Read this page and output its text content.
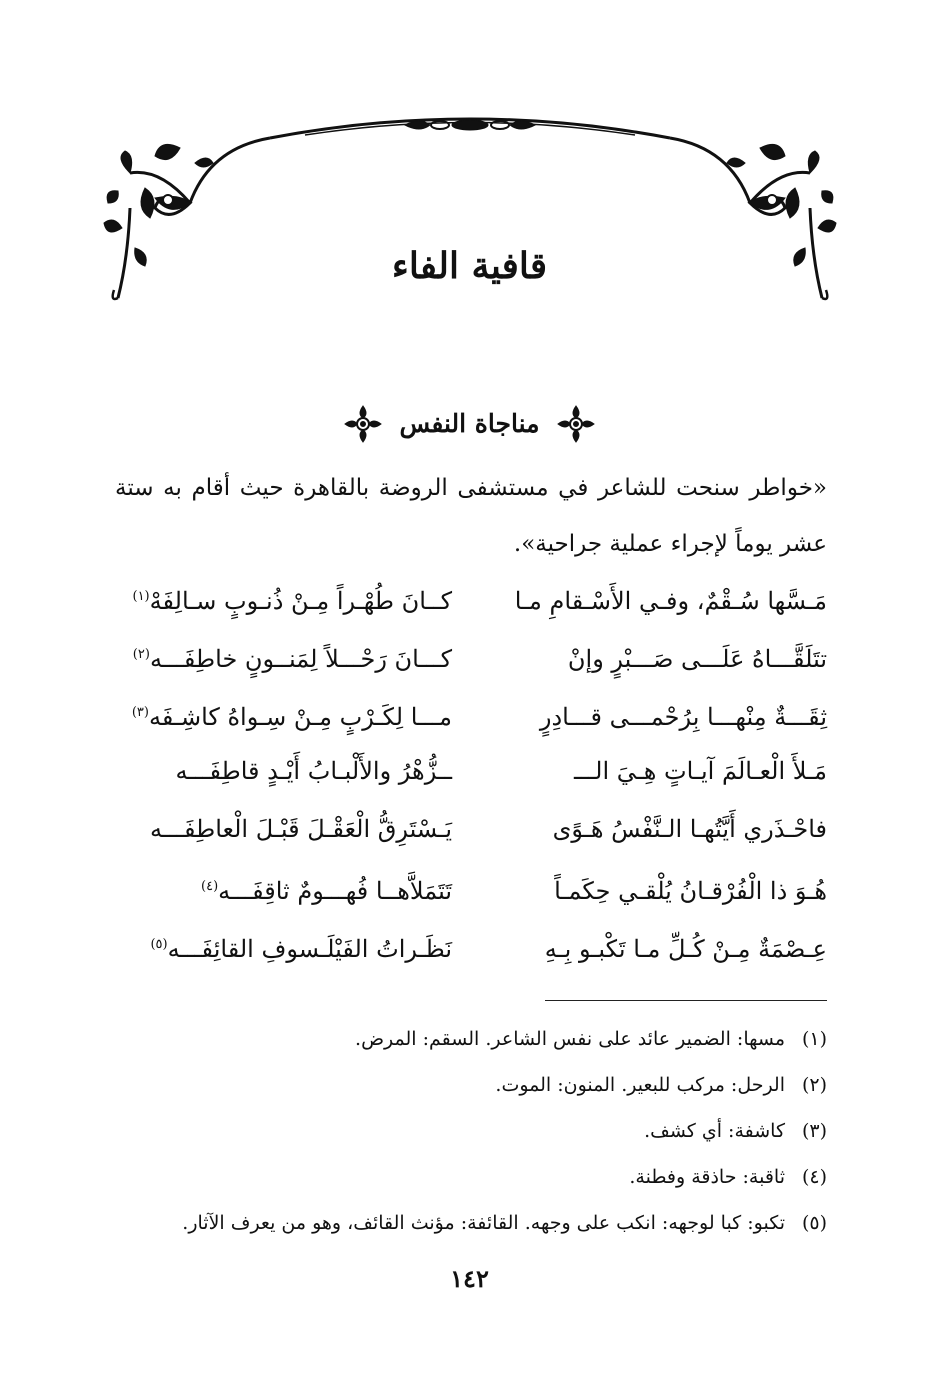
قافية الفاء
مناجاة النفس
«خواطر سنحت للشاعر في مستشفى الروضة بالقاهرة حيث أقام به ستة عشر يوماً لإجراء عملية جراحية».
مَـسَّها سُـقْمٌ، وفـي الأَسْـقامِ مـا
كــانَ طُهْـراً مِـنْ ذُنـوبٍ سـالِفَهْ$^{(١)}$
تتَلَقَّـــاهُ عَلَـــى صَـــبْرٍ وإنْ
كـــانَ رَحْـــلاً لِمَنــونٍ خاطِفَـــه$^{(٢)}$
ثِقَـــةٌ مِنْهـــا بِرُحْمـــى قـــادِرٍ
مـــا لِكَـرْبٍ مِـنْ سِـواهُ كاشِـفَه$^{(٣)}$
مَـلأَ الْعـالَمَ آيـاتٍ هِـيَ الـــ
ــزُّهْرُ والأَلْبـابُ أَيْـدٍ قاطِفَـــه
فاحْـذَري أَيَّتُهـا الـنَّفْسُ هَـوًى
يَـسْتَرِقُّ الْعَقْـلَ قَبْـلَ الْعاطِفَـــه
هُـوَ ذا الْفُرْقـانُ يُلْقـي حِكَمـاً
تَتَمَلاَّهــا فُهـــومٌ ثاقِفَـــه$^{(٤)}$
عِـصْمَةٌ مِـنْ كُـلِّ مـا تَكْبـو بِـهِ
نَظَـراتُ الفَيْلَـسوفِ القائِفَـــه$^{(٥)}$
(١)
مسها: الضمير عائد على نفس الشاعر. السقم: المرض.
(٢)
الرحل: مركب للبعير. المنون: الموت.
(٣)
كاشفة: أي كشف.
(٤)
ثاقبة: حاذقة وفطنة.
(٥)
تكبو: كبا لوجهه: انكب على وجهه. القائفة: مؤنث القائف، وهو من يعرف الآثار.
١٤٢
